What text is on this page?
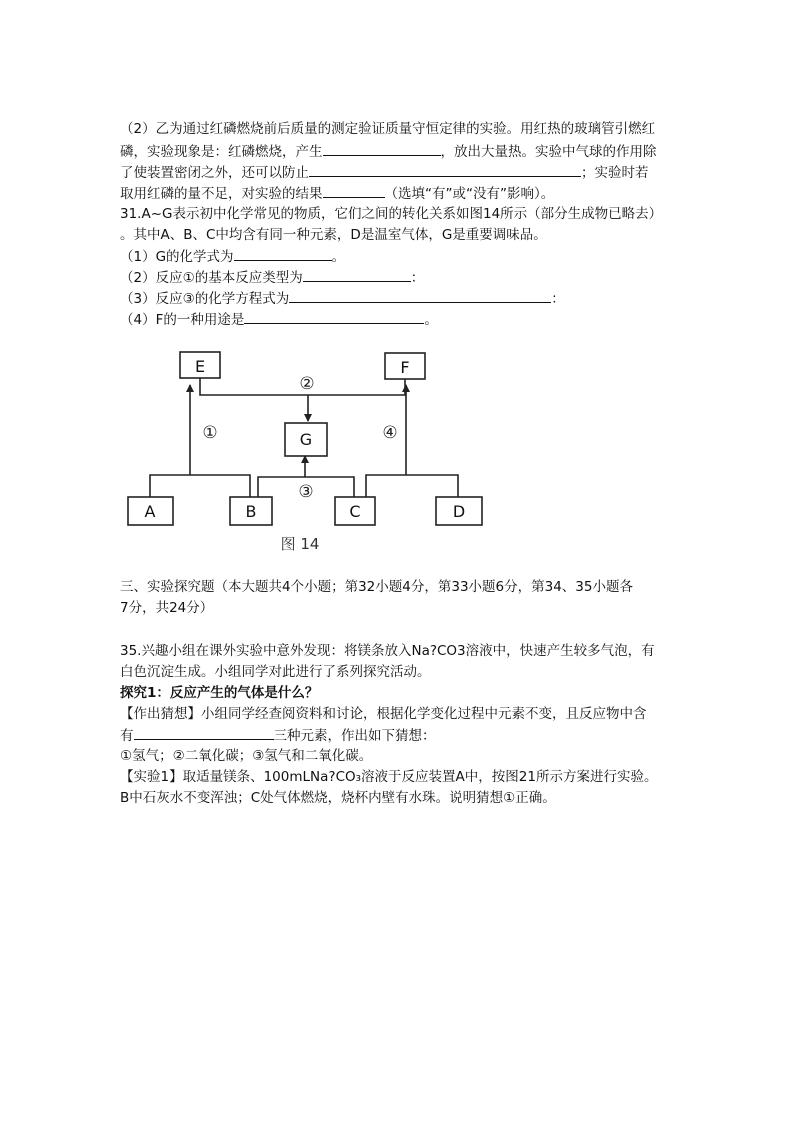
（2）乙为通过红磷燃烧前后质量的测定验证质量守恒定律的实验。用红热的玻璃管引燃红
磷，实验现象是：红磷燃烧，产生	，放出大量热。实验中气球的作用除
了使装置密闭之外，还可以防止	；实验时若
取用红磷的量不足，对实验的结果	（选填“有”或“没有”影响）。
31.A~G表示初中化学常见的物质，它们之间的转化关系如图14所示（部分生成物已略去）
。其中A、B、C中均含有同一种元素，D是温室气体，G是重要调味品。
（1）G的化学式为	。
（2）反应①的基本反应类型为	：
（3）反应③的化学方程式为	：
（4）F的一种用途是	。
E	F
G
A	B	C	D
①
②
③
④
图 14
三、实验探究题（本大题共4个小题；第32小题4分，第33小题6分，第34、35小题各
7分，共24分）
35.兴趣小组在课外实验中意外发现：将镁条放入Na?CO3溶液中，快速产生较多气泡，有
白色沉淀生成。小组同学对此进行了系列探究活动。
探究1：反应产生的气体是什么？
【作出猜想】小组同学经查阅资料和讨论，根据化学变化过程中元素不变，且反应物中含
有	三种元素，作出如下猜想：
①氢气；②二氧化碳；③氢气和二氧化碳。
【实验1】取适量镁条、100mLNa?CO₃溶液于反应装置A中，按图21所示方案进行实验。
B中石灰水不变浑浊；C处气体燃烧，烧杯内壁有水珠。说明猜想①正确。
